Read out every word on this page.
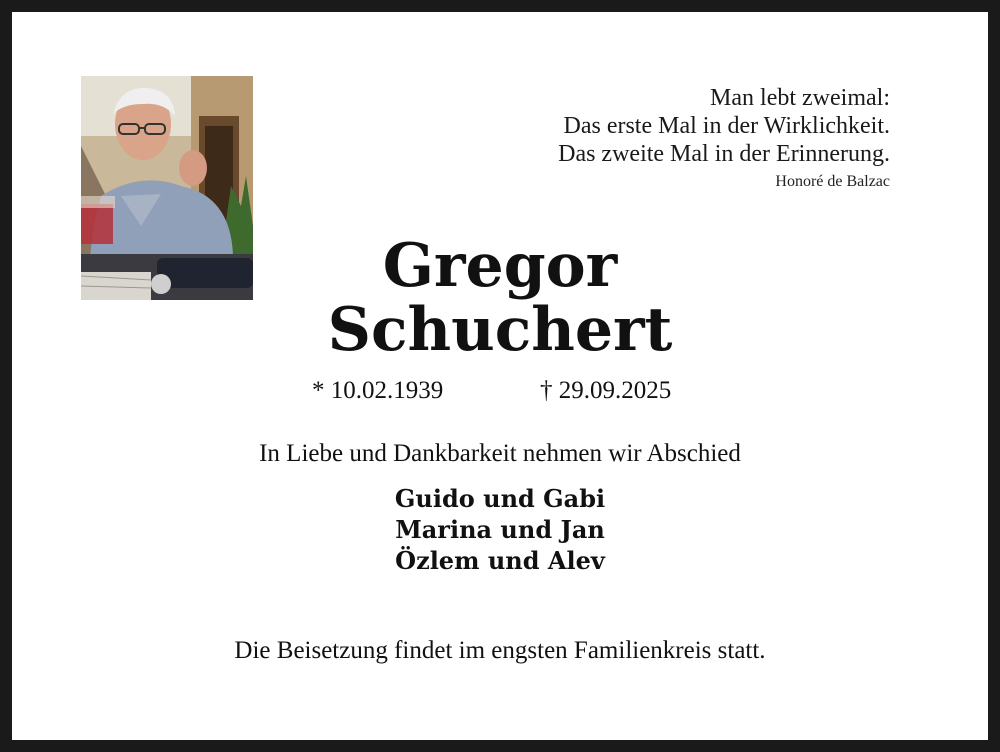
Man lebt zweimal:
Das erste Mal in der Wirklichkeit.
Das zweite Mal in der Erinnerung.
Honoré de Balzac
Gregor
Schuchert
* 10.02.1939	† 29.09.2025
In Liebe und Dankbarkeit nehmen wir Abschied
Guido und Gabi
Marina und Jan
Özlem und Alev
Die Beisetzung findet im engsten Familienkreis statt.
